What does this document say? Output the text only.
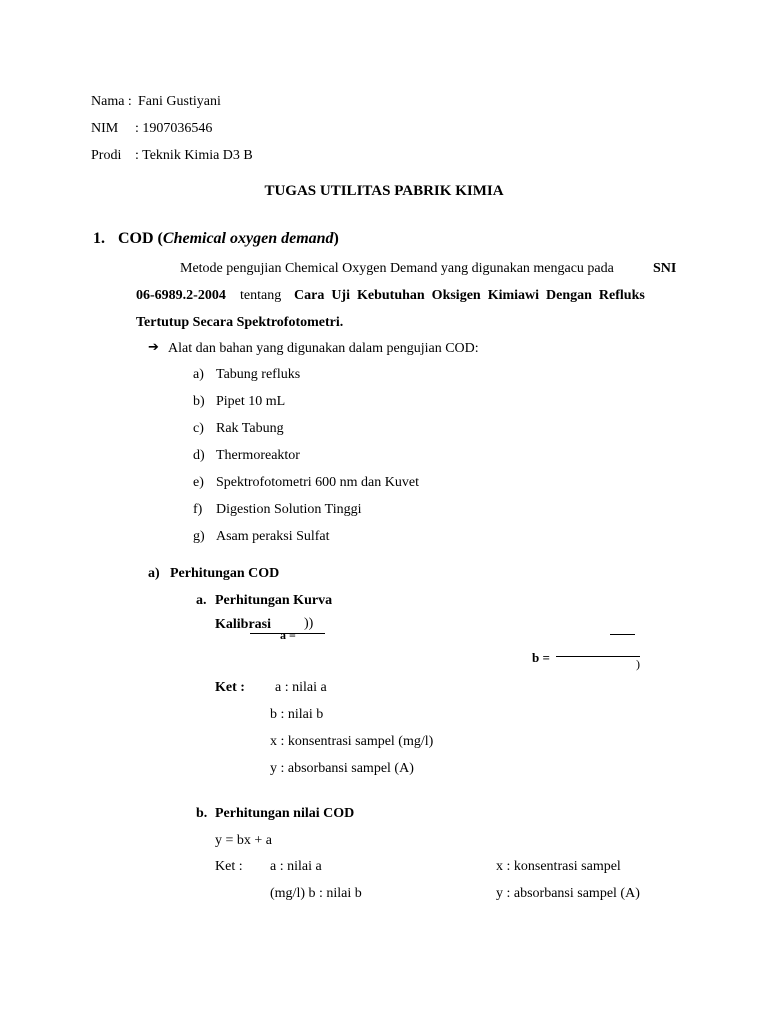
Nama : Fani Gustiyani
NIM : 1907036546
Prodi : Teknik Kimia D3 B
TUGAS UTILITAS PABRIK KIMIA
1. COD (Chemical oxygen demand)
Metode pengujian Chemical Oxygen Demand yang digunakan mengacu pada	SNI
06-6989.2-2004 tentang Cara  Uji  Kebutuhan  Oksigen  Kimiawi  Dengan  Refluks
Tertutup Secara Spektrofotometri.
➔ Alat dan bahan yang digunakan dalam pengujian COD:
a) Tabung refluks
b) Pipet 10 mL
c) Rak Tabung
d) Thermoreaktor
e) Spektrofotometri 600 nm dan Kuvet
f) Digestion Solution Tinggi
g) Asam peraksi Sulfat
a) Perhitungan COD
a. Perhitungan Kurva
Kalibrasi ))
a =
b =	)
Ket : a : nilai a
b : nilai b
x : konsentrasi sampel (mg/l)
y : absorbansi sampel (A)
b. Perhitungan nilai COD
y = bx + a
Ket : a : nilai a	x : konsentrasi sampel
(mg/l) b : nilai b	y : absorbansi sampel (A)
